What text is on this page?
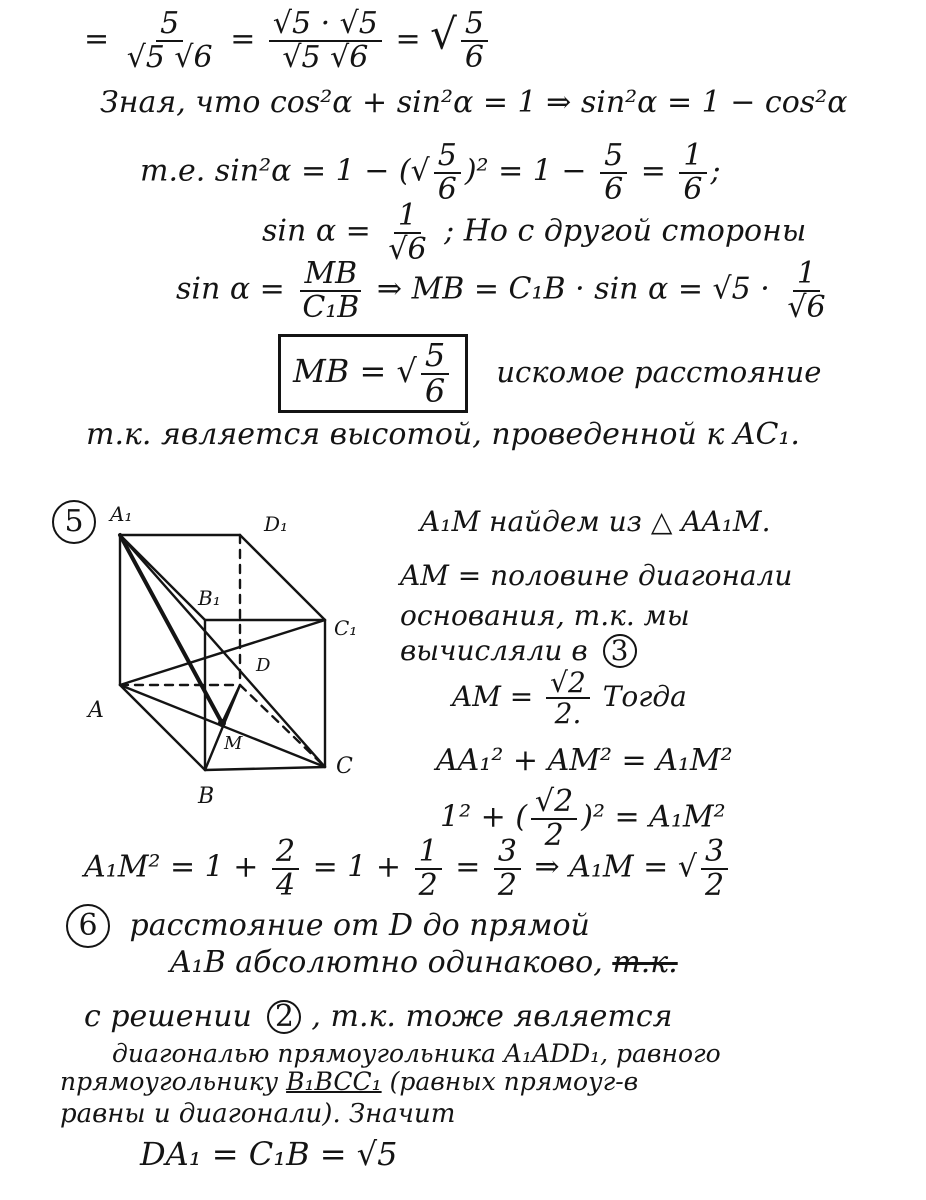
= $\frac{5}{√5 √6} = \frac{√5 \cdot √5}{√5 √6}$ = √ $\frac{5}{6}$
Зная, что cos²α + sin²α = 1 ⇒ sin²α = 1 − cos²α
т.е. sin²α = 1 − (√ $\frac{5}{6} )^2 = 1 - \frac{5}{6} = \frac{1}{6}$ ;
$\sin \alpha = \frac{1}{√6}$ ; Но с другой стороны
$\sin \alpha = \frac{MB}{\text{C₁B}}$ ⇒ MB = $C_1B \cdot \sin \alpha = √5 \cdot \frac{1}{√6}$
MB = √ $\frac{5}{6}$ искомое расстояние
т.к. является высотой, проведенной к AC₁.
5	A₁M найдем из △ AA₁M.
AM = половине диагонали
основания, т.к. мы
вычисляли в 3
AM = $\frac{√2}{2.}$ Тогда
AA₁² + AM² = A₁M²
1² + ( $\frac{√2}{2} )^2 = A_1M^2$
$A_1M^2 = 1 + \frac{2}{4} = 1 + \frac{1}{2} = \frac{3}{2}$ ⇒ A₁M = √ $\frac{3}{2}$
6 расстояние от D до прямой
A₁B абсолютно одинаково, т.к.
с решении 2 , т.к. тоже является
диагональю прямоугольника A₁ADD₁, равного
прямоугольнику B₁BCC₁ (равных прямоуг-в
равны и диагонали). Значит
DA₁ = C₁B = √5
A₁	D₁
B₁
C₁
D
A
M
C
B
